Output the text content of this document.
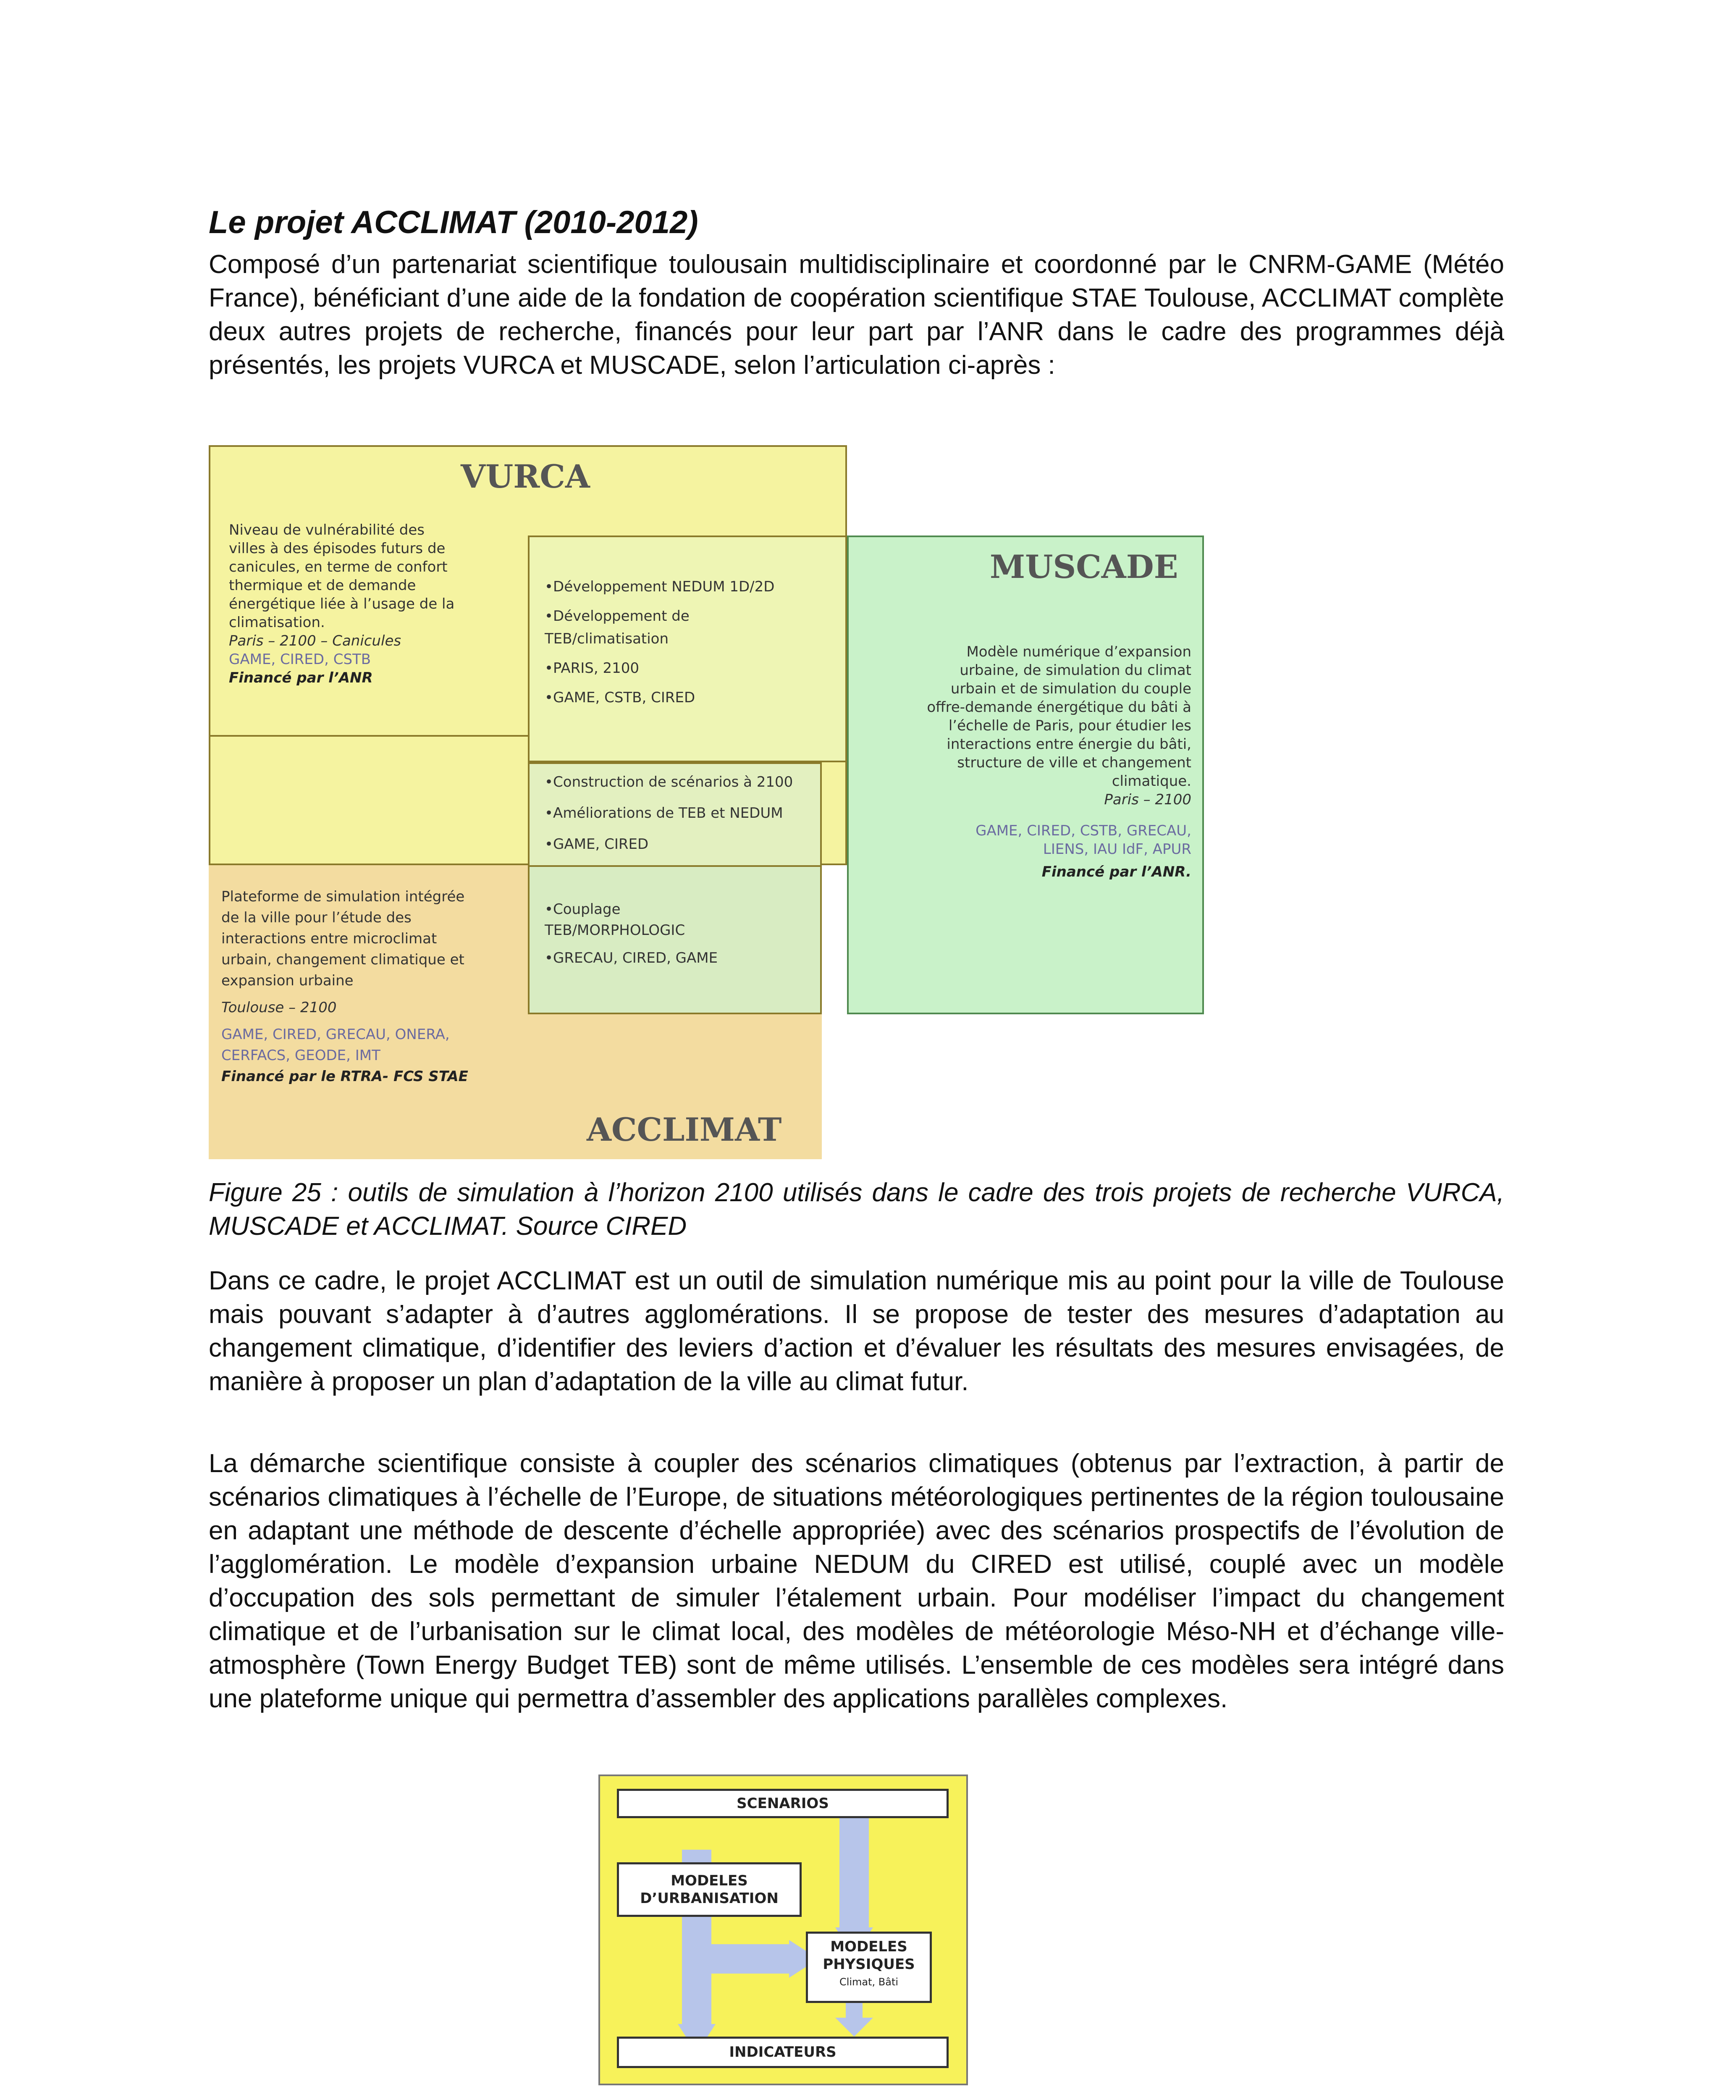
Le projet ACCLIMAT (2010-2012)

Composé d’un partenariat scientifique toulousain multidisciplinaire et coordonné par le CNRM-GAME (Météo France), bénéficiant d’une aide de la fondation de coopération scientifique STAE Toulouse, ACCLIMAT complète deux autres projets de recherche, financés pour leur part par l’ANR dans le cadre des programmes déjà présentés, les projets VURCA et MUSCADE, selon l’articulation ci-après :

VURCA
MUSCADE
ACCLIMAT
Niveau de vulnérabilité des
villes à des épisodes futurs de
canicules, en terme de confort
thermique et de demande
énergétique liée à l’usage de la
climatisation.
Paris – 2100 – Canicules
GAME, CIRED, CSTB
Financé par l’ANR
•Développement NEDUM 1D/2D
•Développement de
TEB/climatisation
•PARIS, 2100
•GAME, CSTB, CIRED
•Construction de scénarios à 2100
•Améliorations de TEB et NEDUM
•GAME, CIRED
•Couplage
TEB/MORPHOLOGIC
•GRECAU, CIRED, GAME
Modèle numérique d’expansion
urbaine, de simulation du climat
urbain et de simulation du couple
offre-demande énergétique du bâti à
l’échelle de Paris, pour étudier les
interactions entre énergie du bâti,
structure de ville et changement
climatique.
Paris – 2100
GAME, CIRED, CSTB, GRECAU,
LIENS, IAU IdF, APUR
Financé par l’ANR.
Plateforme de simulation intégrée
de la ville pour l’étude des
interactions entre microclimat
urbain, changement climatique et
expansion urbaine
Toulouse – 2100
GAME, CIRED, GRECAU, ONERA,
CERFACS, GEODE, IMT
Financé par le RTRA- FCS STAE

Figure 25 : outils de simulation à l’horizon 2100 utilisés dans le cadre des trois projets de recherche VURCA, MUSCADE et ACCLIMAT. Source CIRED

Dans ce cadre, le projet ACCLIMAT est un outil de simulation numérique mis au point pour la ville de Toulouse mais pouvant s’adapter à d’autres agglomérations. Il se propose de tester des mesures d’adaptation au changement climatique, d’identifier des leviers d’action et d’évaluer les résultats des mesures envisagées, de manière à proposer un plan d’adaptation de la ville au climat futur.

La démarche scientifique consiste à coupler des scénarios climatiques (obtenus par l’extraction, à partir de scénarios climatiques à l’échelle de l’Europe, de situations météorologiques pertinentes de la région toulousaine en adaptant une méthode de descente d’échelle appropriée) avec des scénarios prospectifs de l’évolution de l’agglomération. Le modèle d’expansion urbaine NEDUM du CIRED est utilisé, couplé avec un modèle d’occupation des sols permettant de simuler l’étalement urbain. Pour modéliser l’impact du changement climatique et de l’urbanisation sur le climat local, des modèles de météorologie Méso-NH et d’échange ville-atmosphère (Town Energy Budget TEB) sont de même utilisés. L’ensemble de ces modèles sera intégré dans une plateforme unique qui permettra d’assembler des applications parallèles complexes.

SCENARIOS
MODELES
D’URBANISATION
MODELES
PHYSIQUES
Climat, Bâti
INDICATEURS
